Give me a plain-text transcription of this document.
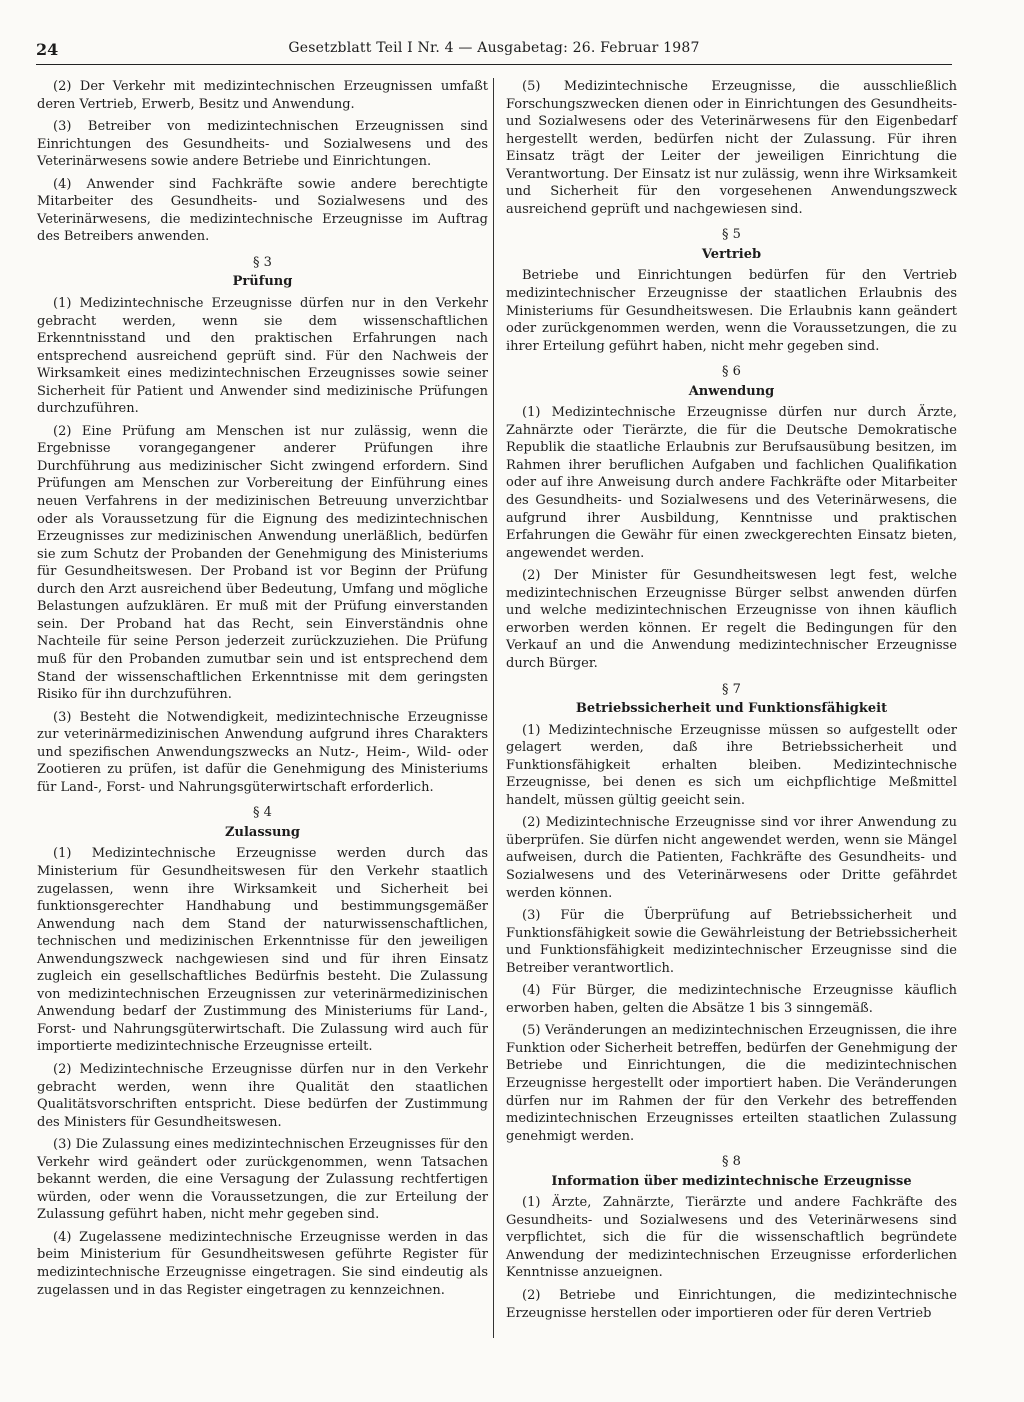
24	Gesetzblatt Teil I Nr. 4 — Ausgabetag: 26. Februar 1987
(2) Der Verkehr mit medizintechnischen Erzeugnissen umfaßt deren Vertrieb, Erwerb, Besitz und Anwendung.
(3) Betreiber von medizintechnischen Erzeugnissen sind Einrichtungen des Gesundheits- und Sozialwesens und des Veterinärwesens sowie andere Betriebe und Einrichtungen.
(4) Anwender sind Fachkräfte sowie andere berechtigte Mitarbeiter des Gesundheits- und Sozialwesens und des Veterinärwesens, die medizintechnische Erzeugnisse im Auftrag des Betreibers anwenden.
§ 3
Prüfung
(1) Medizintechnische Erzeugnisse dürfen nur in den Verkehr gebracht werden, wenn sie dem wissenschaftlichen Erkenntnisstand und den praktischen Erfahrungen nach entsprechend ausreichend geprüft sind. Für den Nachweis der Wirksamkeit eines medizintechnischen Erzeugnisses sowie seiner Sicherheit für Patient und Anwender sind medizinische Prüfungen durchzuführen.
(2) Eine Prüfung am Menschen ist nur zulässig, wenn die Ergebnisse vorangegangener anderer Prüfungen ihre Durchführung aus medizinischer Sicht zwingend erfordern. Sind Prüfungen am Menschen zur Vorbereitung der Einführung eines neuen Verfahrens in der medizinischen Betreuung unverzichtbar oder als Voraussetzung für die Eignung des medizintechnischen Erzeugnisses zur medizinischen Anwendung unerläßlich, bedürfen sie zum Schutz der Probanden der Genehmigung des Ministeriums für Gesundheitswesen. Der Proband ist vor Beginn der Prüfung durch den Arzt ausreichend über Bedeutung, Umfang und mögliche Belastungen aufzuklären. Er muß mit der Prüfung einverstanden sein. Der Proband hat das Recht, sein Einverständnis ohne Nachteile für seine Person jederzeit zurückzuziehen. Die Prüfung muß für den Probanden zumutbar sein und ist entsprechend dem Stand der wissenschaftlichen Erkenntnisse mit dem geringsten Risiko für ihn durchzuführen.
(3) Besteht die Notwendigkeit, medizintechnische Erzeugnisse zur veterinärmedizinischen Anwendung aufgrund ihres Charakters und spezifischen Anwendungszwecks an Nutz-, Heim-, Wild- oder Zootieren zu prüfen, ist dafür die Genehmigung des Ministeriums für Land-, Forst- und Nahrungsgüterwirtschaft erforderlich.
§ 4
Zulassung
(1) Medizintechnische Erzeugnisse werden durch das Ministerium für Gesundheitswesen für den Verkehr staatlich zugelassen, wenn ihre Wirksamkeit und Sicherheit bei funktionsgerechter Handhabung und bestimmungsgemäßer Anwendung nach dem Stand der naturwissenschaftlichen, technischen und medizinischen Erkenntnisse für den jeweiligen Anwendungszweck nachgewiesen sind und für ihren Einsatz zugleich ein gesellschaftliches Bedürfnis besteht. Die Zulassung von medizintechnischen Erzeugnissen zur veterinärmedizinischen Anwendung bedarf der Zustimmung des Ministeriums für Land-, Forst- und Nahrungsgüterwirtschaft. Die Zulassung wird auch für importierte medizintechnische Erzeugnisse erteilt.
(2) Medizintechnische Erzeugnisse dürfen nur in den Verkehr gebracht werden, wenn ihre Qualität den staatlichen Qualitätsvorschriften entspricht. Diese bedürfen der Zustimmung des Ministers für Gesundheitswesen.
(3) Die Zulassung eines medizintechnischen Erzeugnisses für den Verkehr wird geändert oder zurückgenommen, wenn Tatsachen bekannt werden, die eine Versagung der Zulassung rechtfertigen würden, oder wenn die Voraussetzungen, die zur Erteilung der Zulassung geführt haben, nicht mehr gegeben sind.
(4) Zugelassene medizintechnische Erzeugnisse werden in das beim Ministerium für Gesundheitswesen geführte Register für medizintechnische Erzeugnisse eingetragen. Sie sind eindeutig als zugelassen und in das Register eingetragen zu kennzeichnen.
(5) Medizintechnische Erzeugnisse, die ausschließlich Forschungszwecken dienen oder in Einrichtungen des Gesundheits- und Sozialwesens oder des Veterinärwesens für den Eigenbedarf hergestellt werden, bedürfen nicht der Zulassung. Für ihren Einsatz trägt der Leiter der jeweiligen Einrichtung die Verantwortung. Der Einsatz ist nur zulässig, wenn ihre Wirksamkeit und Sicherheit für den vorgesehenen Anwendungszweck ausreichend geprüft und nachgewiesen sind.
§ 5
Vertrieb
Betriebe und Einrichtungen bedürfen für den Vertrieb medizintechnischer Erzeugnisse der staatlichen Erlaubnis des Ministeriums für Gesundheitswesen. Die Erlaubnis kann geändert oder zurückgenommen werden, wenn die Voraussetzungen, die zu ihrer Erteilung geführt haben, nicht mehr gegeben sind.
§ 6
Anwendung
(1) Medizintechnische Erzeugnisse dürfen nur durch Ärzte, Zahnärzte oder Tierärzte, die für die Deutsche Demokratische Republik die staatliche Erlaubnis zur Berufsausübung besitzen, im Rahmen ihrer beruflichen Aufgaben und fachlichen Qualifikation oder auf ihre Anweisung durch andere Fachkräfte oder Mitarbeiter des Gesundheits- und Sozialwesens und des Veterinärwesens, die aufgrund ihrer Ausbildung, Kenntnisse und praktischen Erfahrungen die Gewähr für einen zweckgerechten Einsatz bieten, angewendet werden.
(2) Der Minister für Gesundheitswesen legt fest, welche medizintechnischen Erzeugnisse Bürger selbst anwenden dürfen und welche medizintechnischen Erzeugnisse von ihnen käuflich erworben werden können. Er regelt die Bedingungen für den Verkauf an und die Anwendung medizintechnischer Erzeugnisse durch Bürger.
§ 7
Betriebssicherheit und Funktionsfähigkeit
(1) Medizintechnische Erzeugnisse müssen so aufgestellt oder gelagert werden, daß ihre Betriebssicherheit und Funktionsfähigkeit erhalten bleiben. Medizintechnische Erzeugnisse, bei denen es sich um eichpflichtige Meßmittel handelt, müssen gültig geeicht sein.
(2) Medizintechnische Erzeugnisse sind vor ihrer Anwendung zu überprüfen. Sie dürfen nicht angewendet werden, wenn sie Mängel aufweisen, durch die Patienten, Fachkräfte des Gesundheits- und Sozialwesens und des Veterinärwesens oder Dritte gefährdet werden können.
(3) Für die Überprüfung auf Betriebssicherheit und Funktionsfähigkeit sowie die Gewährleistung der Betriebssicherheit und Funktionsfähigkeit medizintechnischer Erzeugnisse sind die Betreiber verantwortlich.
(4) Für Bürger, die medizintechnische Erzeugnisse käuflich erworben haben, gelten die Absätze 1 bis 3 sinngemäß.
(5) Veränderungen an medizintechnischen Erzeugnissen, die ihre Funktion oder Sicherheit betreffen, bedürfen der Genehmigung der Betriebe und Einrichtungen, die die medizintechnischen Erzeugnisse hergestellt oder importiert haben. Die Veränderungen dürfen nur im Rahmen der für den Verkehr des betreffenden medizintechnischen Erzeugnisses erteilten staatlichen Zulassung genehmigt werden.
§ 8
Information über medizintechnische Erzeugnisse
(1) Ärzte, Zahnärzte, Tierärzte und andere Fachkräfte des Gesundheits- und Sozialwesens und des Veterinärwesens sind verpflichtet, sich die für die wissenschaftlich begründete Anwendung der medizintechnischen Erzeugnisse erforderlichen Kenntnisse anzueignen.
(2) Betriebe und Einrichtungen, die medizintechnische Erzeugnisse herstellen oder importieren oder für deren Vertrieb
